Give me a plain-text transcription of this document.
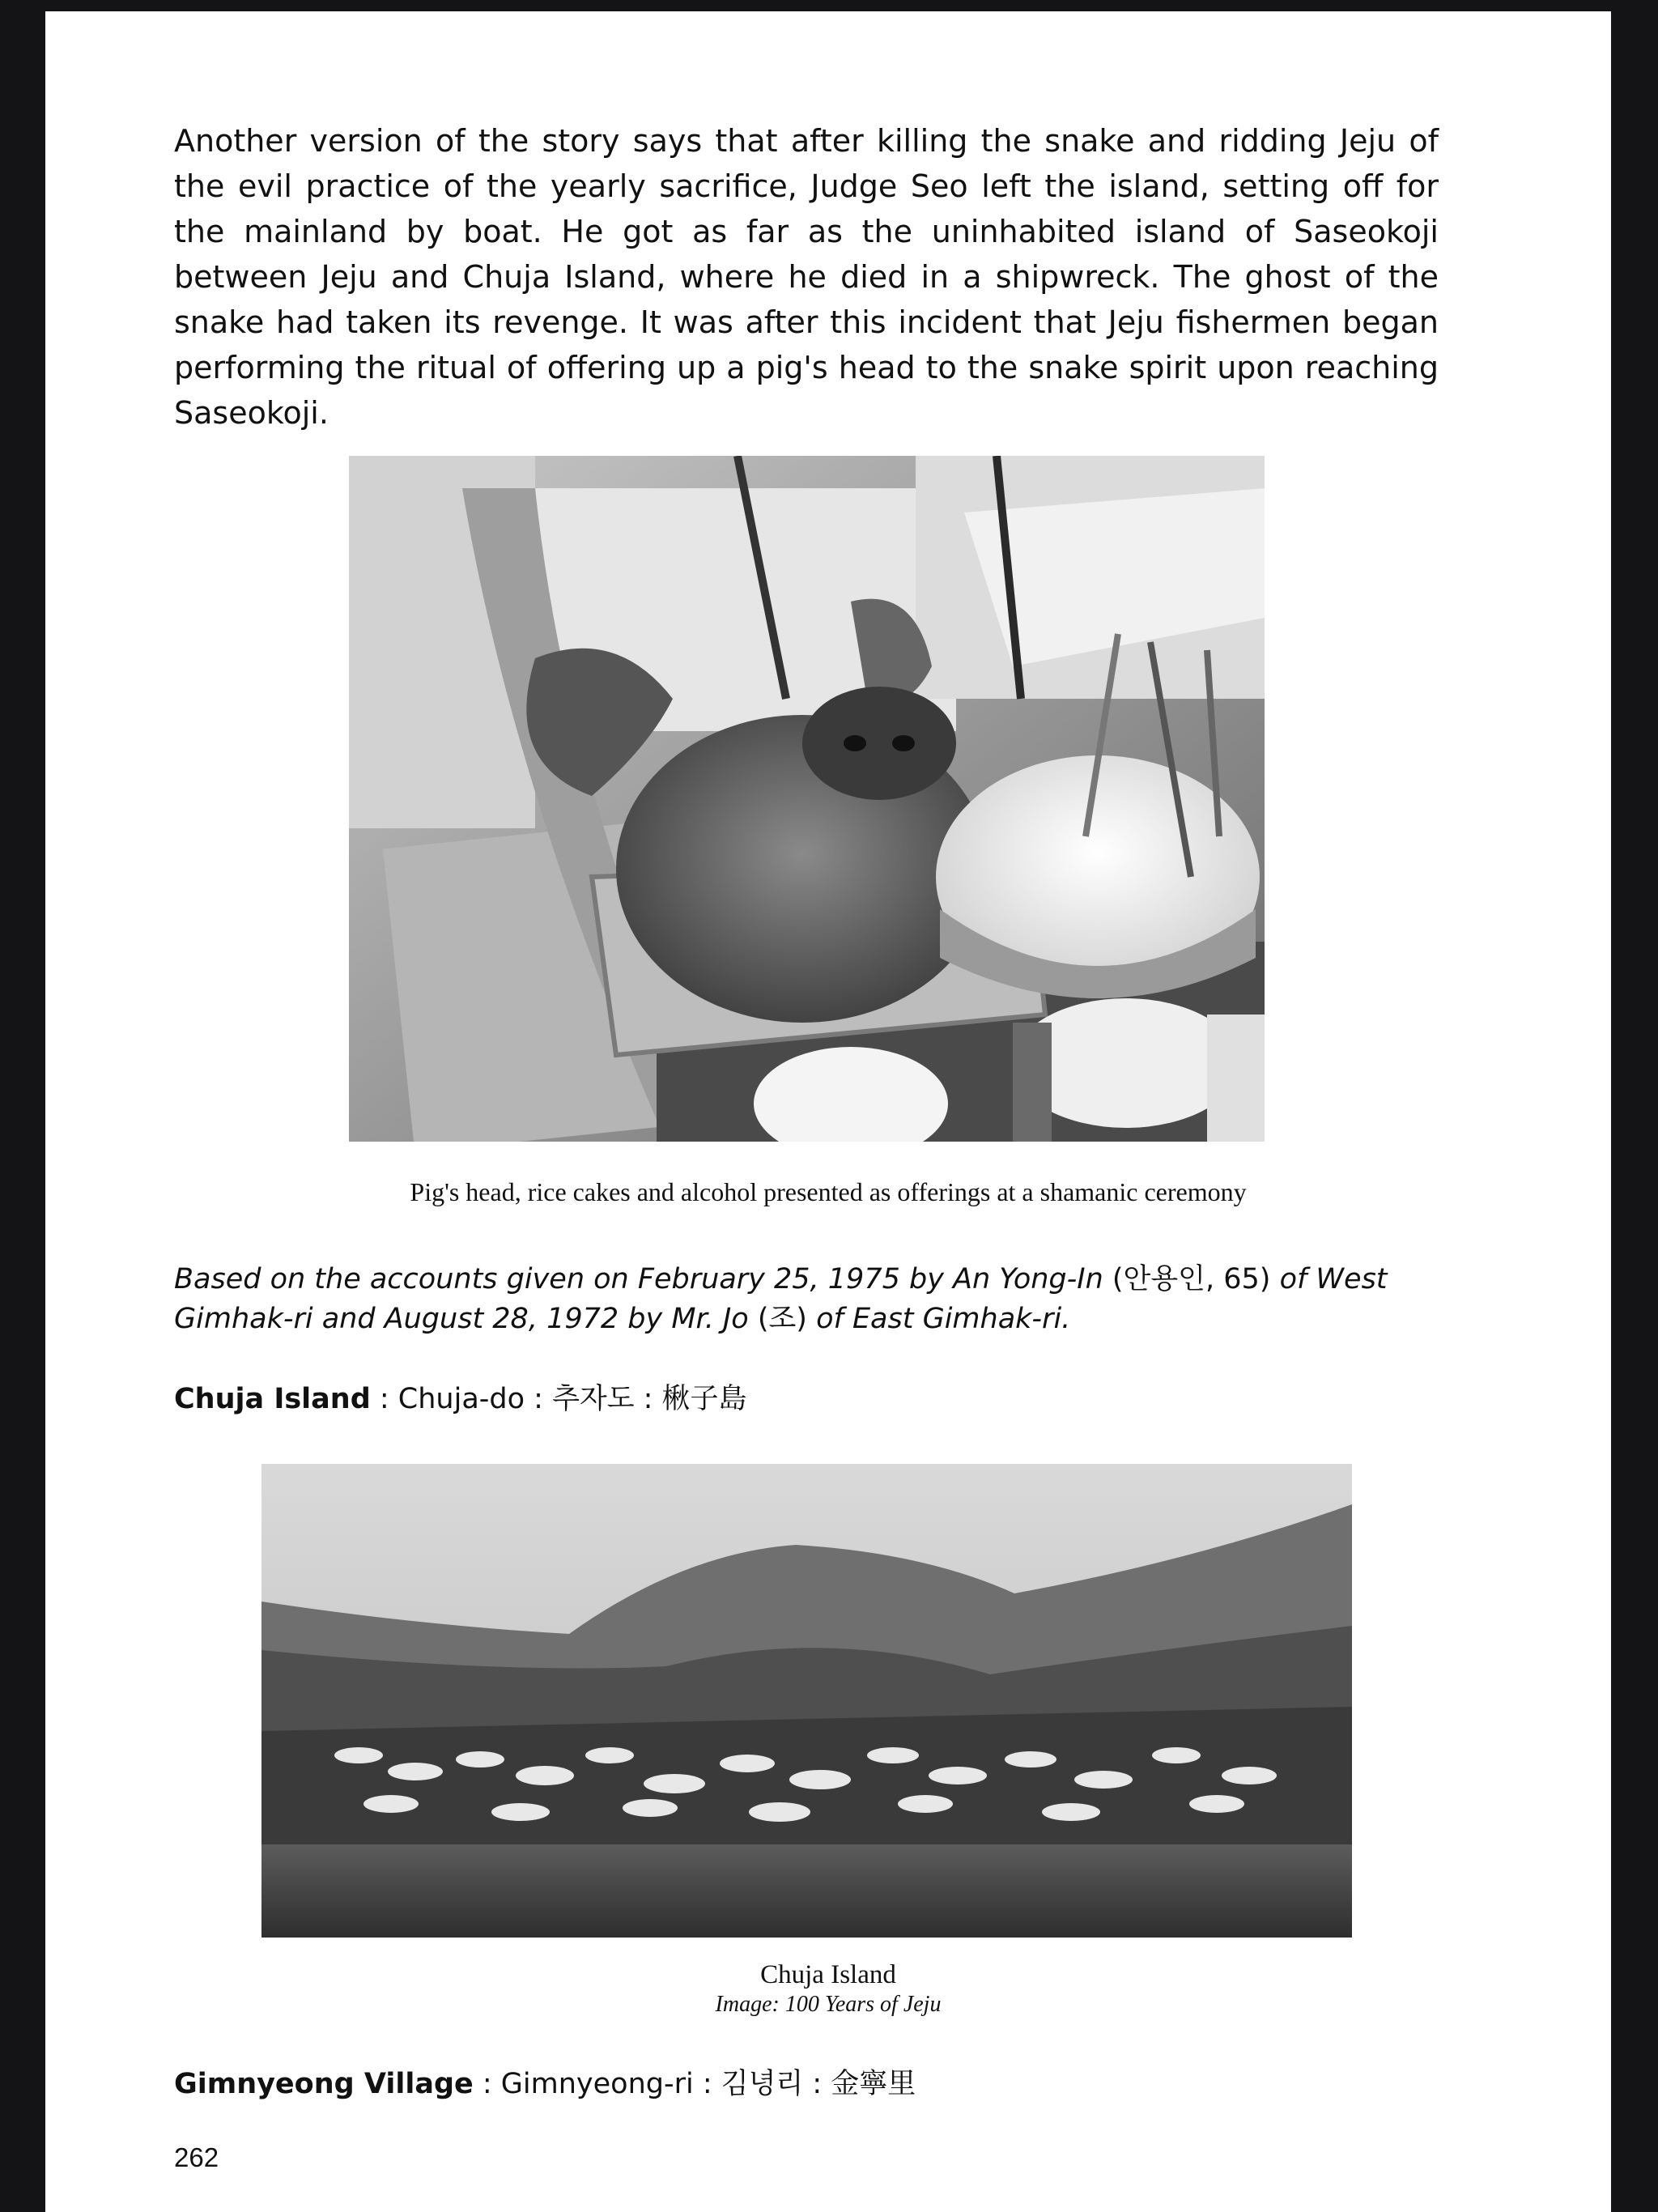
Another version of the story says that after killing the snake and ridding Jeju of the evil practice of the yearly sacrifice, Judge Seo left the island, setting off for the mainland by boat. He got as far as the uninhabited island of Saseokoji between Jeju and Chuja Island, where he died in a shipwreck. The ghost of the snake had taken its revenge. It was after this incident that Jeju fishermen began performing the ritual of offering up a pig's head to the snake spirit upon reaching Saseokoji.

Pig's head, rice cakes and alcohol presented as offerings at a shamanic ceremony
Based on the accounts given on February 25, 1975 by An Yong-In (안용인, 65) of West Gimhak-ri and August 28, 1972 by Mr. Jo (조) of East Gimhak-ri.
Chuja Island : Chuja-do : 추자도 : 楸子島
Chuja Island
Image: 100 Years of Jeju
Gimnyeong Village : Gimnyeong-ri : 김녕리 : 金寧里
262
